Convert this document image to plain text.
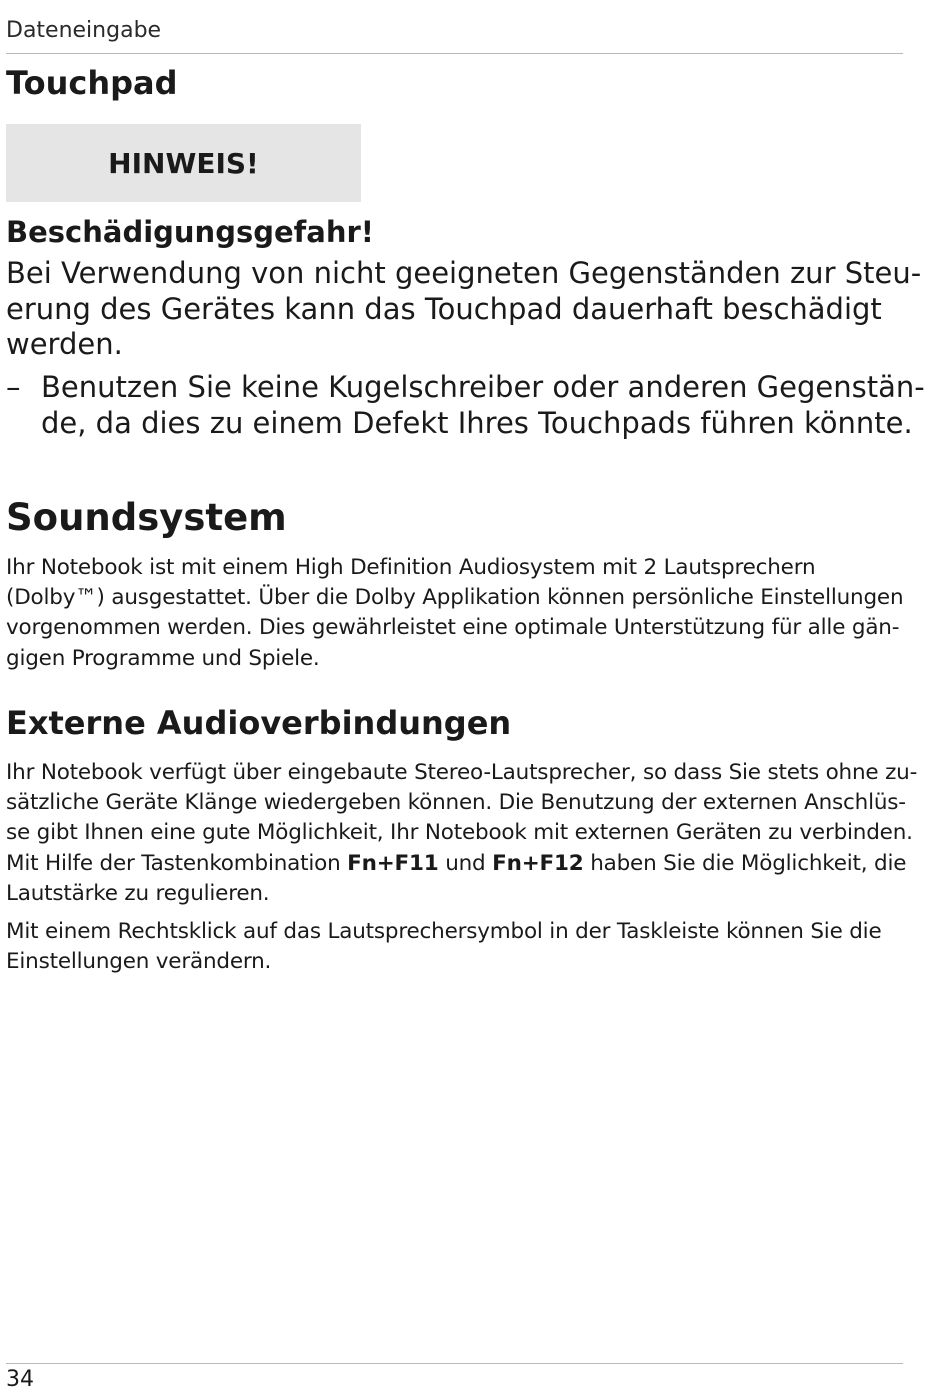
Dateneingabe
Touchpad
HINWEIS!
Beschädigungsgefahr!
Bei Verwendung von nicht geeigneten Gegenständen zur Steu-
erung des Gerätes kann das Touchpad dauerhaft beschädigt
werden.
– Benutzen Sie keine Kugelschreiber oder anderen Gegenstän-
de, da dies zu einem Defekt Ihres Touchpads führen könnte.
Soundsystem
Ihr Notebook ist mit einem High Definition Audiosystem mit 2 Lautsprechern
(Dolby™) ausgestattet. Über die Dolby Applikation können persönliche Einstellungen
vorgenommen werden. Dies gewährleistet eine optimale Unterstützung für alle gän-
gigen Programme und Spiele.
Externe Audioverbindungen
Ihr Notebook verfügt über eingebaute Stereo-Lautsprecher, so dass Sie stets ohne zu-
sätzliche Geräte Klänge wiedergeben können. Die Benutzung der externen Anschlüs-
se gibt Ihnen eine gute Möglichkeit, Ihr Notebook mit externen Geräten zu verbinden.
Mit Hilfe der Tastenkombination Fn+F11 und Fn+F12 haben Sie die Möglichkeit, die
Lautstärke zu regulieren.
Mit einem Rechtsklick auf das Lautsprechersymbol in der Taskleiste können Sie die
Einstellungen verändern.
34
